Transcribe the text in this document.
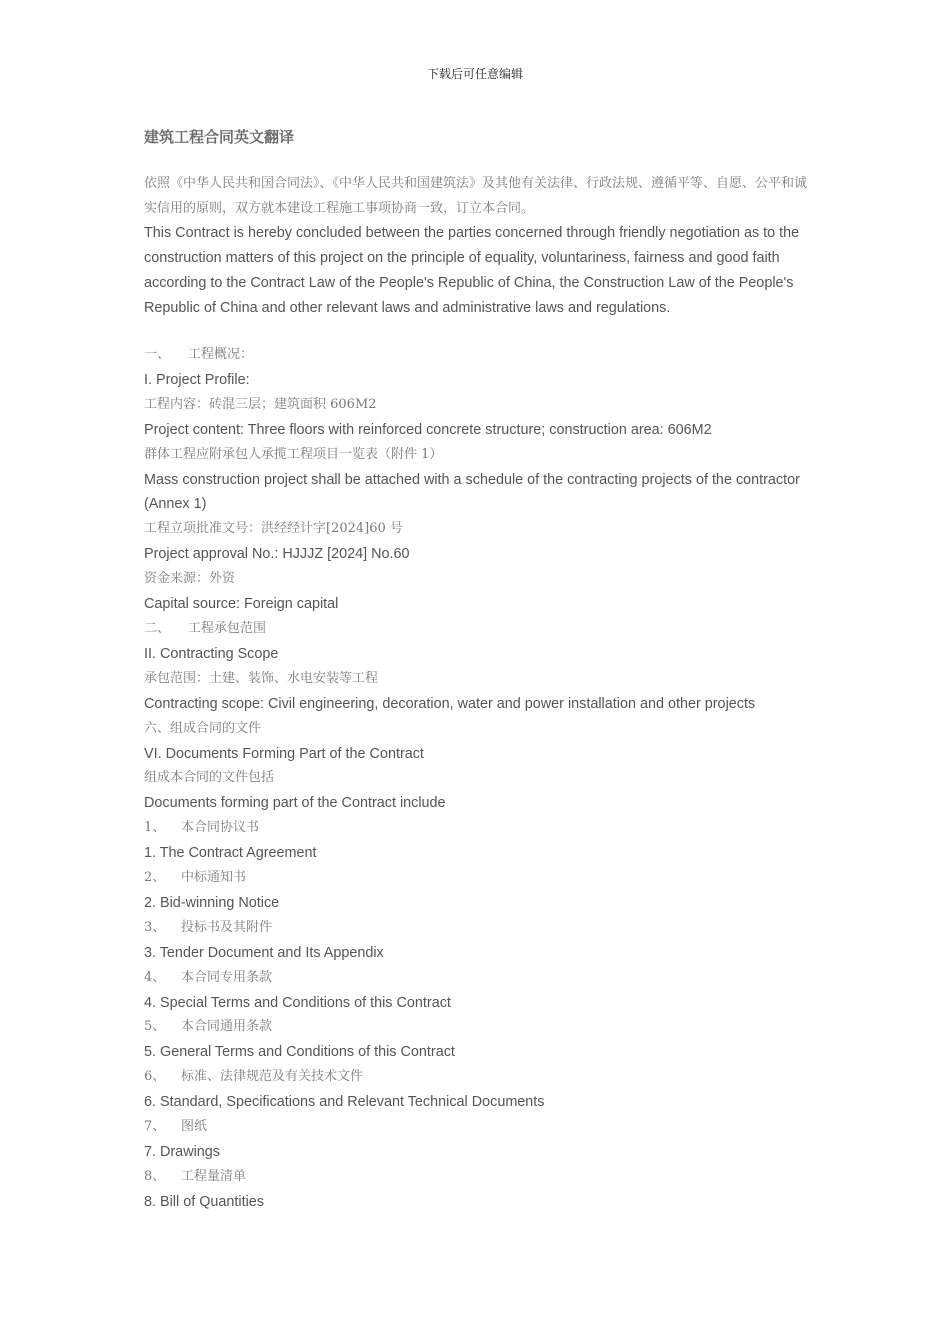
下载后可任意编辑
建筑工程合同英文翻译
依照《中华人民共和国合同法》、《中华人民共和国建筑法》及其他有关法律、行政法规、遵循平等、自愿、公平和诚实信用的原则，双方就本建设工程施工事项协商一致，订立本合同。
This Contract is hereby concluded between the parties concerned through friendly negotiation as to the construction matters of this project on the principle of equality, voluntariness, fairness and good faith according to the Contract Law of the People's Republic of China, the Construction Law of the People's Republic of China and other relevant laws and administrative laws and regulations.
一、 工程概况：
I. Project Profile:
工程内容：砖混三层；建筑面积 606M2
Project content: Three floors with reinforced concrete structure; construction area: 606M2
群体工程应附承包人承揽工程项目一览表（附件 1）
Mass construction project shall be attached with a schedule of the contracting projects of the contractor (Annex 1)
工程立项批准文号：洪经经计字[2024]60 号
Project approval No.: HJJJZ [2024] No.60
资金来源：外资
Capital source: Foreign capital
二、 工程承包范围
II. Contracting Scope
承包范围：土建、装饰、水电安装等工程
Contracting scope: Civil engineering, decoration, water and power installation and other projects
六、组成合同的文件
VI. Documents Forming Part of the Contract
组成本合同的文件包括
Documents forming part of the Contract include
1、 本合同协议书
1. The Contract Agreement
2、 中标通知书
2. Bid-winning Notice
3、 投标书及其附件
3. Tender Document and Its Appendix
4、 本合同专用条款
4. Special Terms and Conditions of this Contract
5、 本合同通用条款
5. General Terms and Conditions of this Contract
6、 标准、法律规范及有关技术文件
6. Standard, Specifications and Relevant Technical Documents
7、 图纸
7. Drawings
8、 工程量清单
8. Bill of Quantities
